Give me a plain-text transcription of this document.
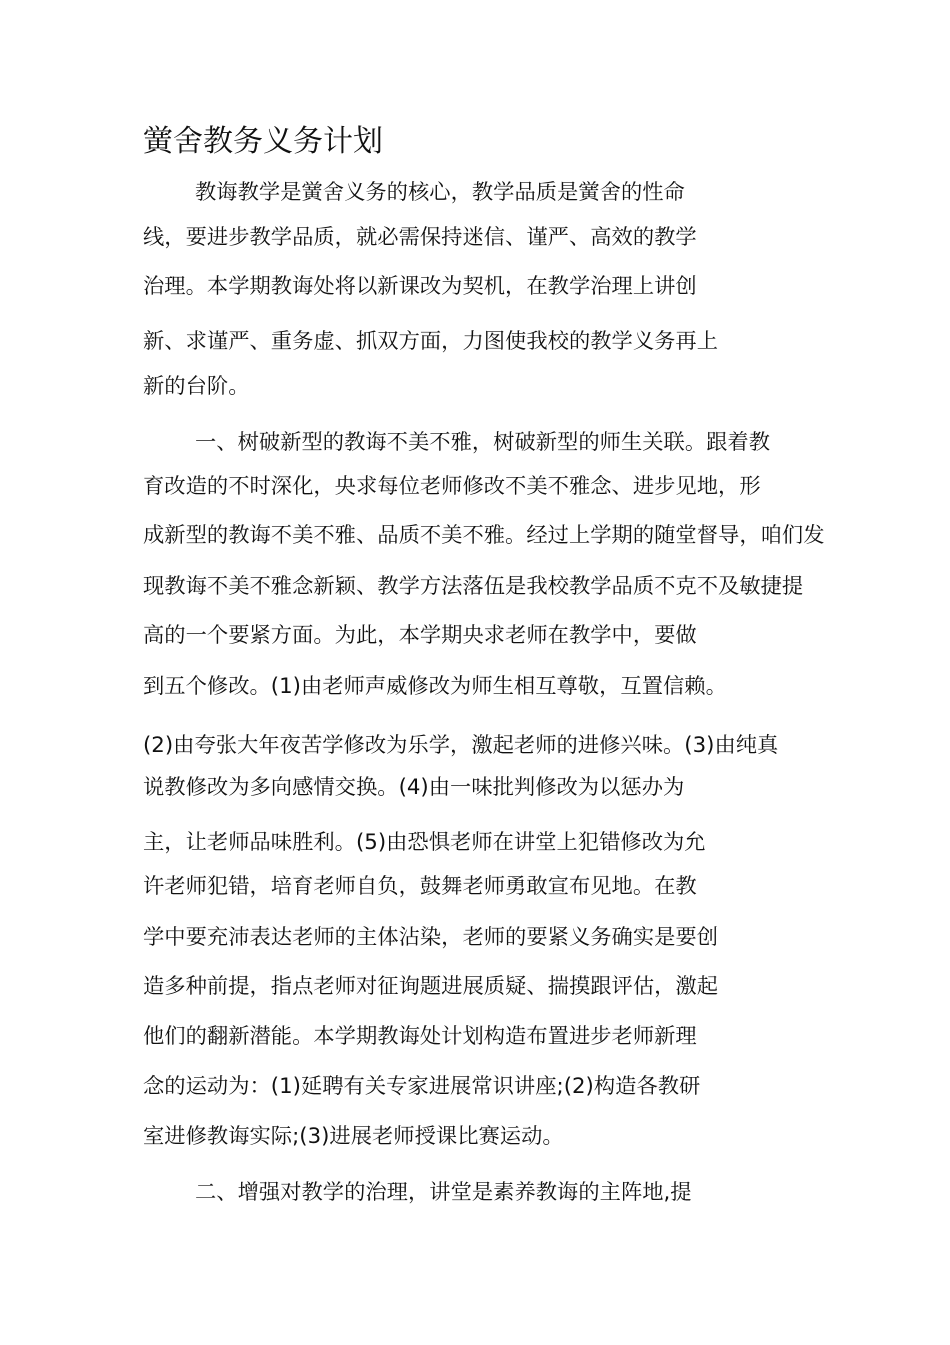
黉舍教务义务计划
教诲教学是黉舍义务的核心，教学品质是黉舍的性命
线，要进步教学品质，就必需保持迷信、谨严、高效的教学
治理。本学期教诲处将以新课改为契机，在教学治理上讲创
新、求谨严、重务虚、抓双方面，力图使我校的教学义务再上
新的台阶。
一、树破新型的教诲不美不雅，树破新型的师生关联。跟着教
育改造的不时深化，央求每位老师修改不美不雅念、进步见地，形
成新型的教诲不美不雅、品质不美不雅。经过上学期的随堂督导，咱们发
现教诲不美不雅念新颖、教学方法落伍是我校教学品质不克不及敏捷提
高的一个要紧方面。为此，本学期央求老师在教学中，要做
到五个修改。(1)由老师声威修改为师生相互尊敬，互置信赖。
(2)由夸张大年夜苦学修改为乐学，激起老师的进修兴味。(3)由纯真
说教修改为多向感情交换。(4)由一味批判修改为以惩办为
主，让老师品味胜利。(5)由恐惧老师在讲堂上犯错修改为允
许老师犯错，培育老师自负，鼓舞老师勇敢宣布见地。在教
学中要充沛表达老师的主体沾染，老师的要紧义务确实是要创
造多种前提，指点老师对征询题进展质疑、揣摸跟评估，激起
他们的翻新潜能。本学期教诲处计划构造布置进步老师新理
念的运动为：(1)延聘有关专家进展常识讲座;(2)构造各教研
室进修教诲实际;(3)进展老师授课比赛运动。
二、增强对教学的治理，讲堂是素养教诲的主阵地,提
